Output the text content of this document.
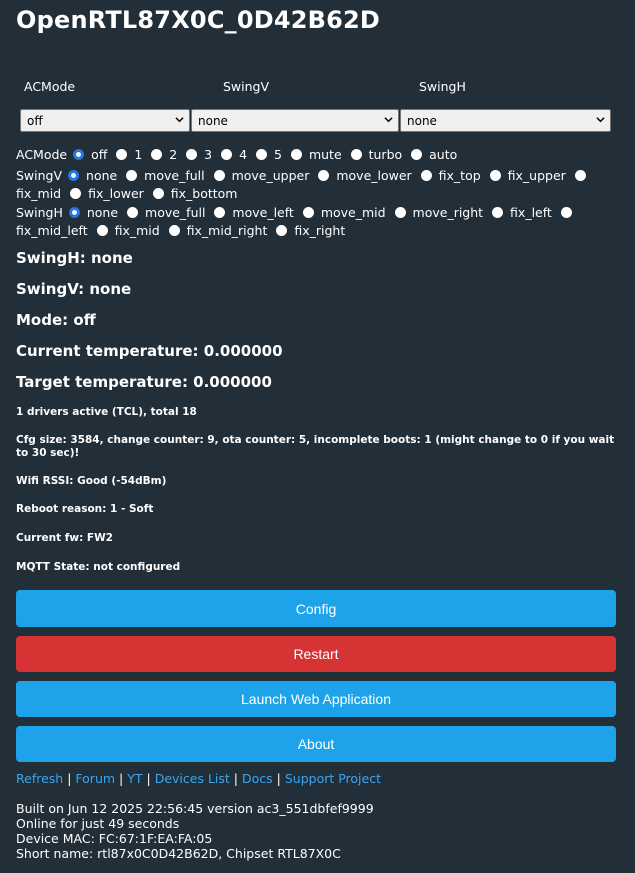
OpenRTL87X0C_0D42B62D
ACMode	SwingV	SwingH
off	none	none
ACMode off 1 2 3 4 5 mute turbo auto
SwingV none move_full move_upper move_lower fix_top fix_upper  fix_mid fix_lower fix_bottom
SwingH none move_full move_left move_mid move_right fix_left  fix_mid_left fix_mid fix_mid_right fix_right
SwingH: none
SwingV: none
Mode: off
Current temperature: 0.000000
Target temperature: 0.000000
1 drivers active (TCL), total 18
Cfg size: 3584, change counter: 9, ota counter: 5, incomplete boots: 1 (might change to 0 if you wait to 30 sec)!
Wifi RSSI: Good (-54dBm)
Reboot reason: 1 - Soft
Current fw: FW2
MQTT State: not configured
Config
Restart
Launch Web Application
About
Refresh | Forum | YT | Devices List | Docs | Support Project
Built on Jun 12 2025 22:56:45 version ac3_551dbfef9999
Online for just 49 seconds
Device MAC: FC:67:1F:EA:FA:05
Short name: rtl87x0C0D42B62D, Chipset RTL87X0C
